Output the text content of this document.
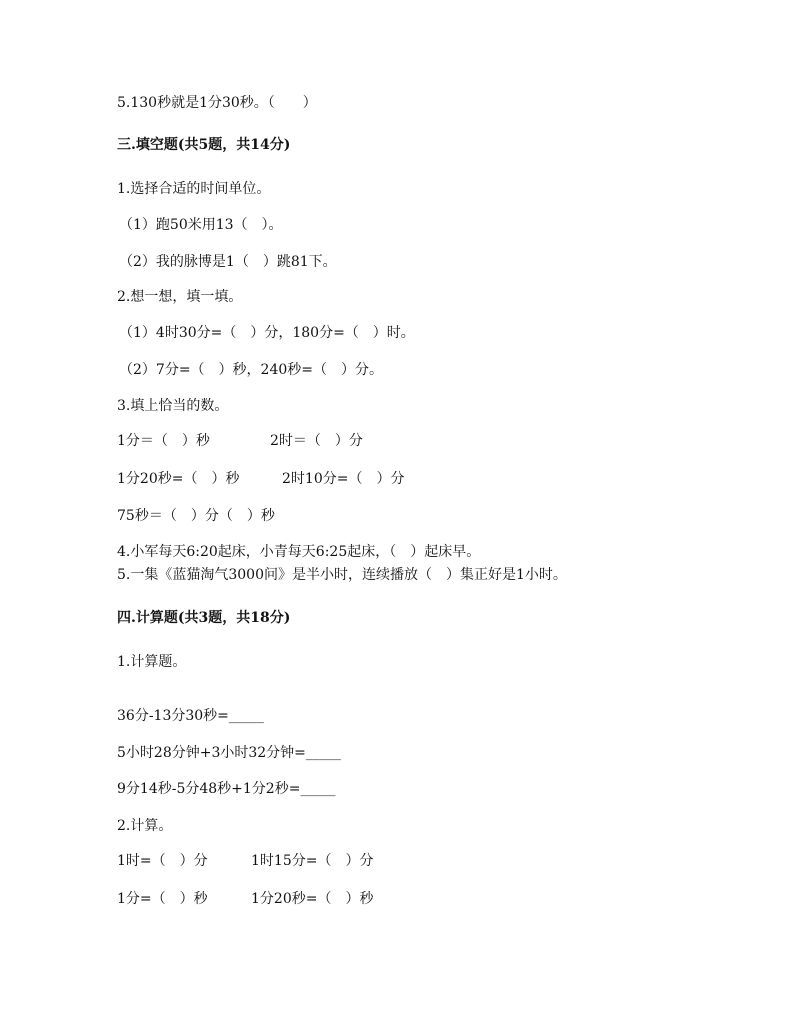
5.130秒就是1分30秒。（　　）
三.填空题(共5题，共14分)
1.选择合适的时间单位。
（1）跑50米用13（　）。
（2）我的脉博是1（　）跳81下。
2.想一想，填一填。
（1）4时30分=（　）分，180分=（　）时。
（2）7分=（　）秒，240秒=（　）分。
3.填上恰当的数。
1分＝（　）秒	2时＝（　）分
1分20秒=（　）秒	2时10分=（　）分
75秒＝（　）分（　）秒
4.小军每天6:20起床，小青每天6:25起床，（　）起床早。
5.一集《蓝猫淘气3000问》是半小时，连续播放（　）集正好是1小时。
四.计算题(共3题，共18分)
1.计算题。
36分-13分30秒=_____
5小时28分钟+3小时32分钟=_____
9分14秒-5分48秒+1分2秒=_____
2.计算。
1时=（　）分	1时15分=（　）分
1分=（　）秒	1分20秒=（　）秒
